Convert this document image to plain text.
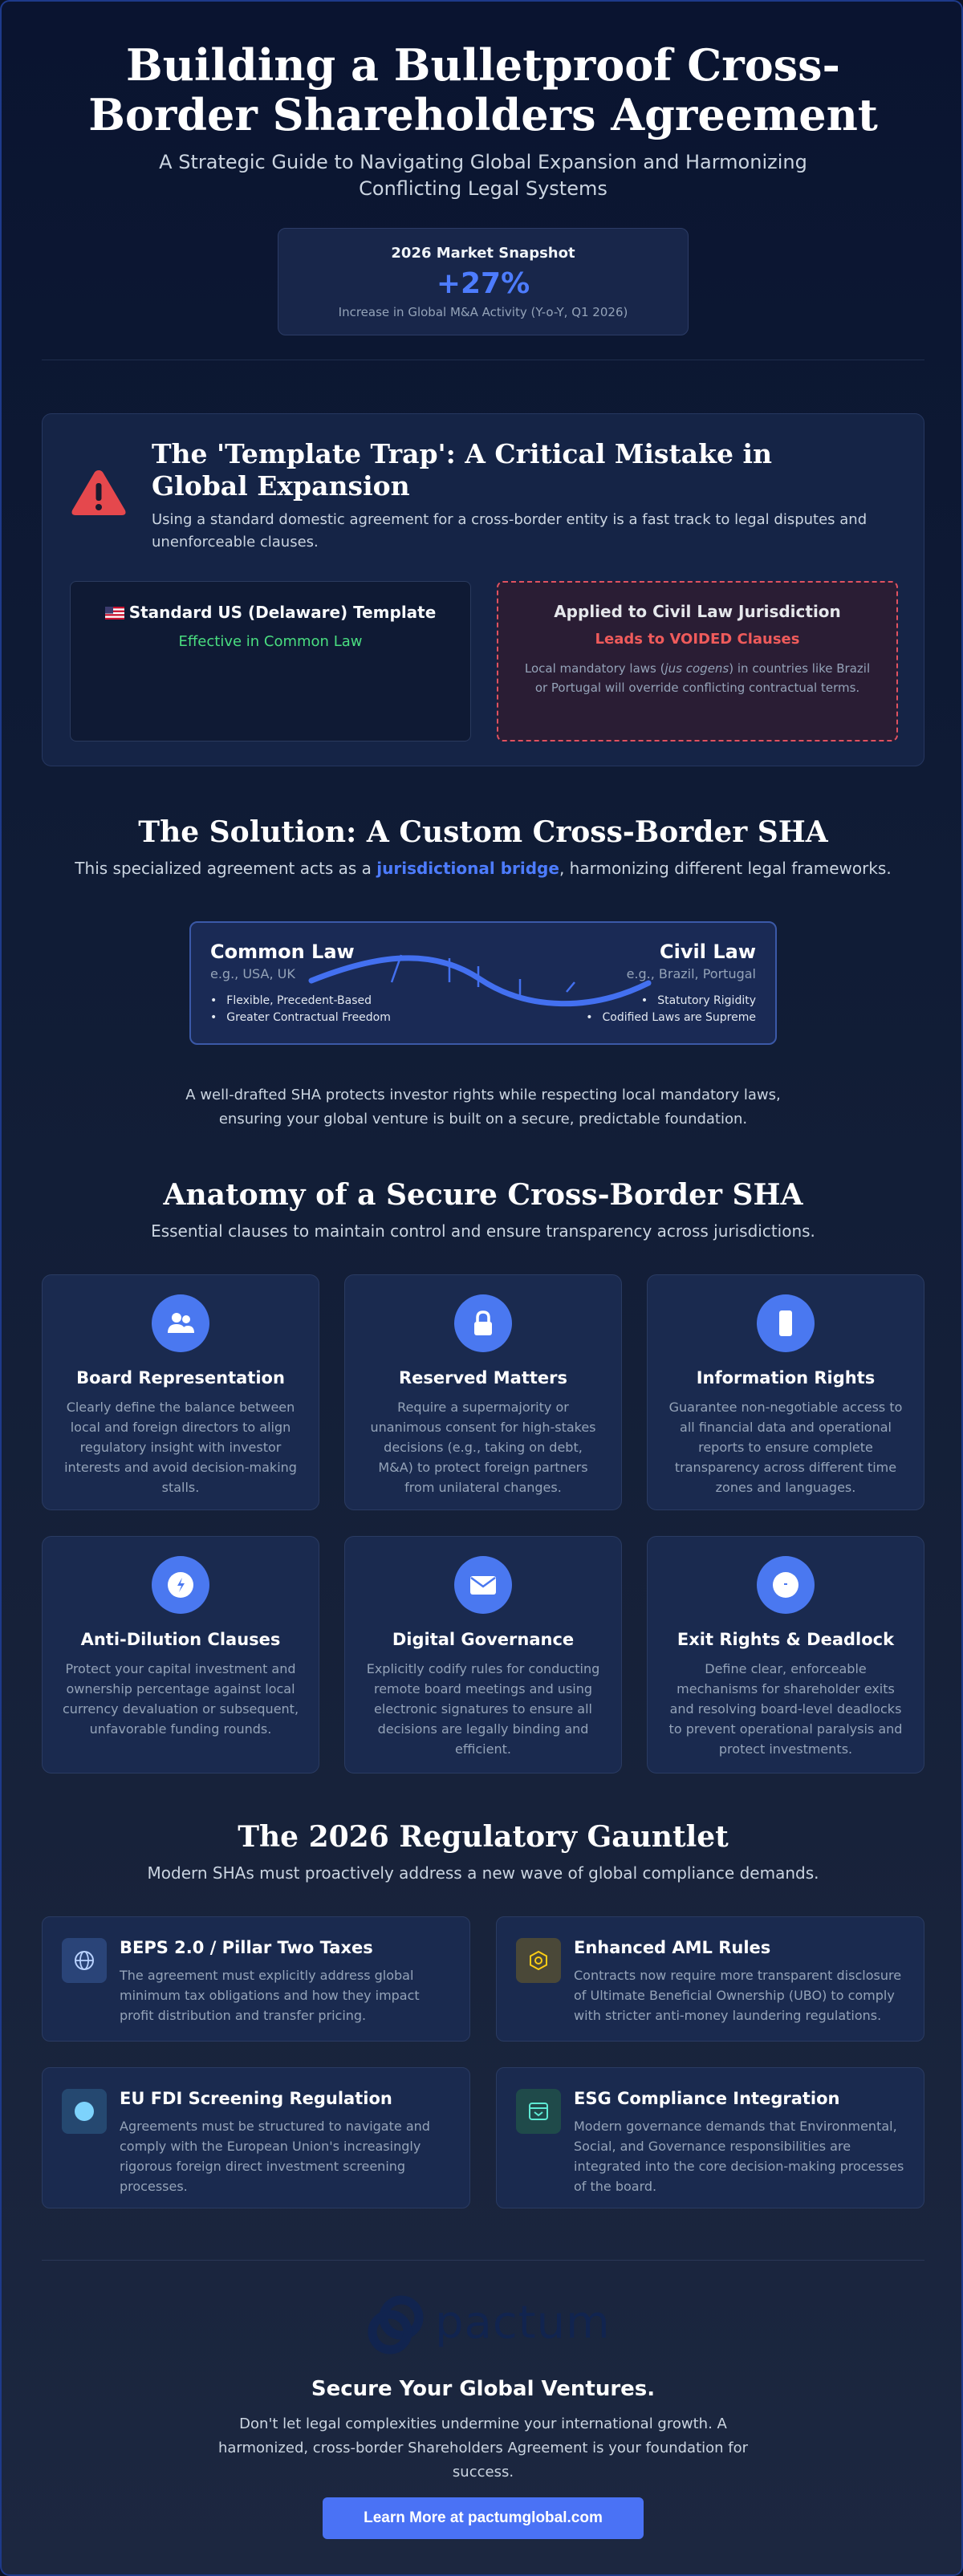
Building a Bulletproof Cross-Border Shareholders Agreement

A Strategic Guide to Navigating Global Expansion and Harmonizing Conflicting Legal Systems

2026 Market Snapshot
+27%
Increase in Global M&A Activity (Y-o-Y, Q1 2026)
The 'Template Trap': A Critical Mistake in Global Expansion

Using a standard domestic agreement for a cross-border entity is a fast track to legal disputes and unenforceable clauses.

Standard US (Delaware) Template
Effective in Common Law
Applied to Civil Law Jurisdiction
Leads to VOIDED Clauses
Local mandatory laws (jus cogens) in countries like Brazil or Portugal will override conflicting contractual terms.
The Solution: A Custom Cross-Border SHA

This specialized agreement acts as a jurisdictional bridge, harmonizing different legal frameworks.

Common Law
e.g., USA, UK
• Flexible, Precedent-Based
• Greater Contractual Freedom
Civil Law
e.g., Brazil, Portugal
• Statutory Rigidity
• Codified Laws are Supreme

A well-drafted SHA protects investor rights while respecting local mandatory laws, ensuring your global venture is built on a secure, predictable foundation.

Anatomy of a Secure Cross-Border SHA

Essential clauses to maintain control and ensure transparency across jurisdictions.

Board Representation
Clearly define the balance between local and foreign directors to align regulatory insight with investor interests and avoid decision-making stalls.
Reserved Matters
Require a supermajority or unanimous consent for high-stakes decisions (e.g., taking on debt, M&A) to protect foreign partners from unilateral changes.
Information Rights
Guarantee non-negotiable access to all financial data and operational reports to ensure complete transparency across different time zones and languages.
Anti-Dilution Clauses
Protect your capital investment and ownership percentage against local currency devaluation or subsequent, unfavorable funding rounds.
Digital Governance
Explicitly codify rules for conducting remote board meetings and using electronic signatures to ensure all decisions are legally binding and efficient.
Exit Rights & Deadlock
Define clear, enforceable mechanisms for shareholder exits and resolving board-level deadlocks to prevent operational paralysis and protect investments.
The 2026 Regulatory Gauntlet

Modern SHAs must proactively address a new wave of global compliance demands.

BEPS 2.0 / Pillar Two Taxes
The agreement must explicitly address global minimum tax obligations and how they impact profit distribution and transfer pricing.
Enhanced AML Rules
Contracts now require more transparent disclosure of Ultimate Beneficial Ownership (UBO) to comply with stricter anti-money laundering regulations.
EU FDI Screening Regulation
Agreements must be structured to navigate and comply with the European Union's increasingly rigorous foreign direct investment screening processes.
ESG Compliance Integration
Modern governance demands that Environmental, Social, and Governance responsibilities are integrated into the core decision-making processes of the board.
pactum
Secure Your Global Ventures.

Don't let legal complexities undermine your international growth. A harmonized, cross-border Shareholders Agreement is your foundation for success.

Learn More at pactumglobal.com
